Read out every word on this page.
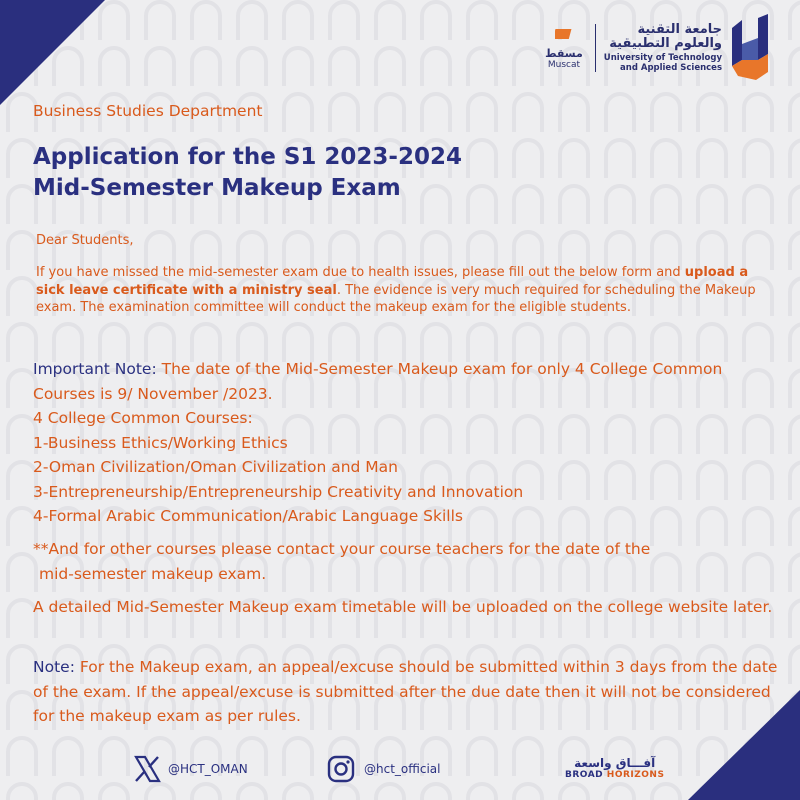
مسقط
Muscat
جامعة التقنية
والعلوم التطبيقية
University of Technology
and Applied Sciences
Business Studies Department
Application for the S1 2023-2024
Mid-Semester Makeup Exam
Dear Students,
If you have missed the mid-semester exam due to health issues, please fill out the below form and upload a sick leave certificate with a ministry seal. The evidence is very much required for scheduling the Makeup exam. The examination committee will conduct the makeup exam for the eligible students.
Important Note: The date of the Mid-Semester Makeup exam for only 4 College Common Courses is 9/ November /2023.
4 College Common Courses:
1-Business Ethics/Working Ethics
2-Oman Civilization/Oman Civilization and Man
3-Entrepreneurship/Entrepreneurship Creativity and Innovation
4-Formal Arabic Communication/Arabic Language Skills
**And for other courses please contact your course teachers for the date of the
mid-semester makeup exam.
A detailed Mid-Semester Makeup exam timetable will be uploaded on the college website later.
Note: For the Makeup exam, an appeal/excuse should be submitted within 3 days from the date of the exam. If the appeal/excuse is submitted after the due date then it will not be considered for the makeup exam as per rules.
@HCT_OMAN	@hct_official	آفـــاق واسعة
BROAD HORIZONS
